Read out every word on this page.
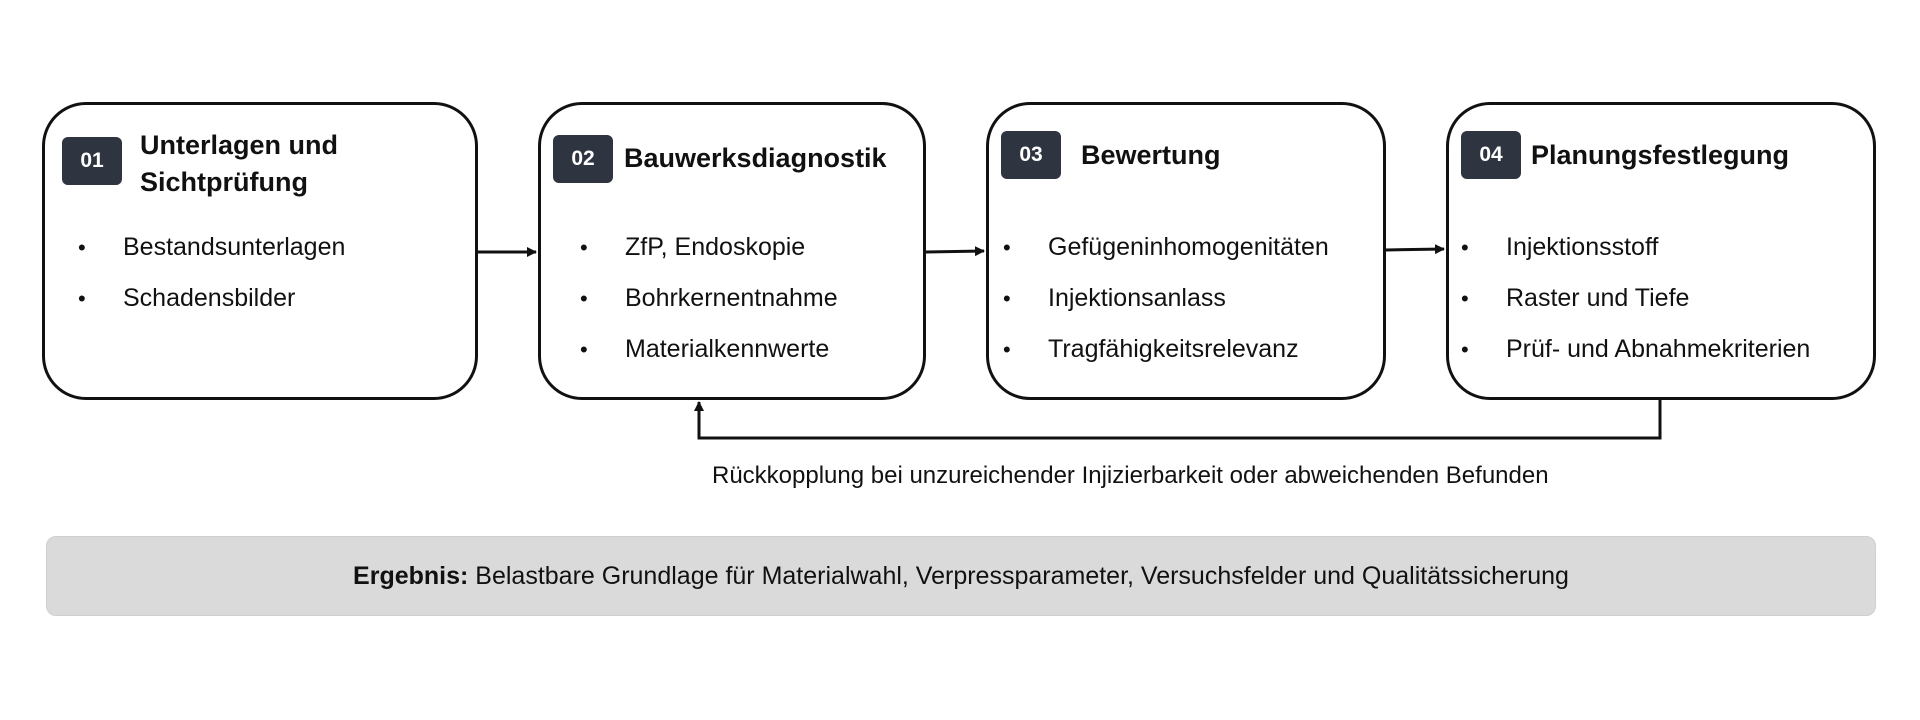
01
Unterlagen und
Sichtprüfung
• Bestandsunterlagen
• Schadensbilder
02	Bauwerksdiagnostik
• ZfP, Endoskopie
• Bohrkernentnahme
• Materialkennwerte
03	Bewertung
• Gefügeninhomogenitäten
• Injektionsanlass
• Tragfähigkeitsrelevanz
04	Planungsfestlegung
• Injektionsstoff
• Raster und Tiefe
• Prüf- und Abnahmekriterien
Rückkopplung bei unzureichender Injizierbarkeit oder abweichenden Befunden
Ergebnis: Belastbare Grundlage für Materialwahl, Verpressparameter, Versuchsfelder und Qualitätssicherung
